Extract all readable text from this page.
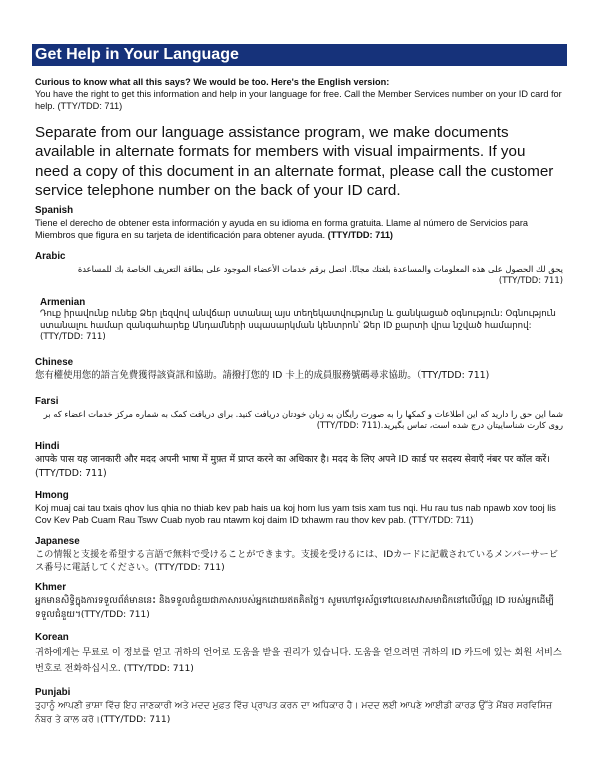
Get Help in Your Language
Curious to know what all this says? We would be too. Here's the English version:
You have the right to get this information and help in your language for free. Call the Member Services number on your ID card for help. (TTY/TDD: 711)
Separate from our language assistance program, we make documents available in alternate formats for members with visual impairments. If you need a copy of this document in an alternate format, please call the customer service telephone number on the back of your ID card.
Spanish
Tiene el derecho de obtener esta información y ayuda en su idioma en forma gratuita. Llame al número de Servicios para Miembros que figura en su tarjeta de identificación para obtener ayuda. (TTY/TDD: 711)
Arabic
يحق لك الحصول على هذه المعلومات والمساعدة بلغتك مجانًا. اتصل برقم خدمات الأعضاء الموجود على بطاقة التعريف الخاصة بك للمساعدة (TTY/TDD: 711)
Armenian
Դուք իրավունք ունեք Ձեր լեզվով անվճար ստանալ այս տեղեկատվությունը և ցանկացած օգնություն: Օգնություն ստանալու համար զանգահարեք Անդամների սպասարկման կենտրոն՝ Ձեր ID քարտի վրա նշված համարով: (TTY/TDD: 711)
Chinese
您有權使用您的語言免費獲得該資訊和協助。請撥打您的 ID 卡上的成員服務號碼尋求協助。（TTY/TDD: 711)
Farsi
شما این حق را دارید که این اطلاعات و کمکها را به صورت رایگان به زبان خودتان دریافت کنید. برای دریافت کمک به شماره مرکز خدمات اعضاء که بر روی کارت شناساییتان درج شده است، تماس بگیرید.(TTY/TDD: 711)
Hindi
आपके पास यह जानकारी और मदद अपनी भाषा में मुफ़्त में प्राप्त करने का अधिकार है। मदद के लिए अपने ID कार्ड पर सदस्य सेवाएँ नंबर पर कॉल करें।(TTY/TDD: 711)
Hmong
Koj muaj cai tau txais qhov lus qhia no thiab kev pab hais ua koj hom lus yam tsis xam tus nqi. Hu rau tus nab npawb xov tooj lis Cov Kev Pab Cuam Rau Tswv Cuab nyob rau ntawm koj daim ID txhawm rau thov kev pab. (TTY/TDD: 711)
Japanese
この情報と支援を希望する言語で無料で受けることができます。支援を受けるには、IDカードに記載されているメンバーサービス番号に電話してください。(TTY/TDD: 711)
Khmer
អ្នកមានសិទ្ធិក្នុងការទទួលព័ត៌មាននេះ និងទទួលជំនួយជាភាសារបស់អ្នកដោយឥតគិតថ្លៃ។ សូមហៅទូរស័ព្ទទៅលេខសេវាសមាជិកនៅលើប័ណ្ណ ID របស់អ្នកដើម្បីទទួលជំនួយ។(TTY/TDD: 711)
Korean
귀하에게는 무료로 이 정보를 얻고 귀하의 언어로 도움을 받을 권리가 있습니다. 도움을 얻으려면 귀하의 ID 카드에 있는 회원 서비스 번호로 전화하십시오. (TTY/TDD: 711)
Punjabi
ਤੁਹਾਨੂੰ ਆਪਣੀ ਭਾਸ਼ਾ ਵਿੱਚ ਇਹ ਜਾਣਕਾਰੀ ਅਤੇ ਮਦਦ ਮੁਫ਼ਤ ਵਿੱਚ ਪ੍ਰਾਪਤ ਕਰਨ ਦਾ ਅਧਿਕਾਰ ਹੈ। ਮਦਦ ਲਈ ਆਪਣੇ ਆਈਡੀ ਕਾਰਡ ਉੱਤੇ ਮੈਂਬਰ ਸਰਵਿਸਿਜ਼ ਨੰਬਰ ਤੇ ਕਾਲ ਕਰੋ।(TTY/TDD: 711)
